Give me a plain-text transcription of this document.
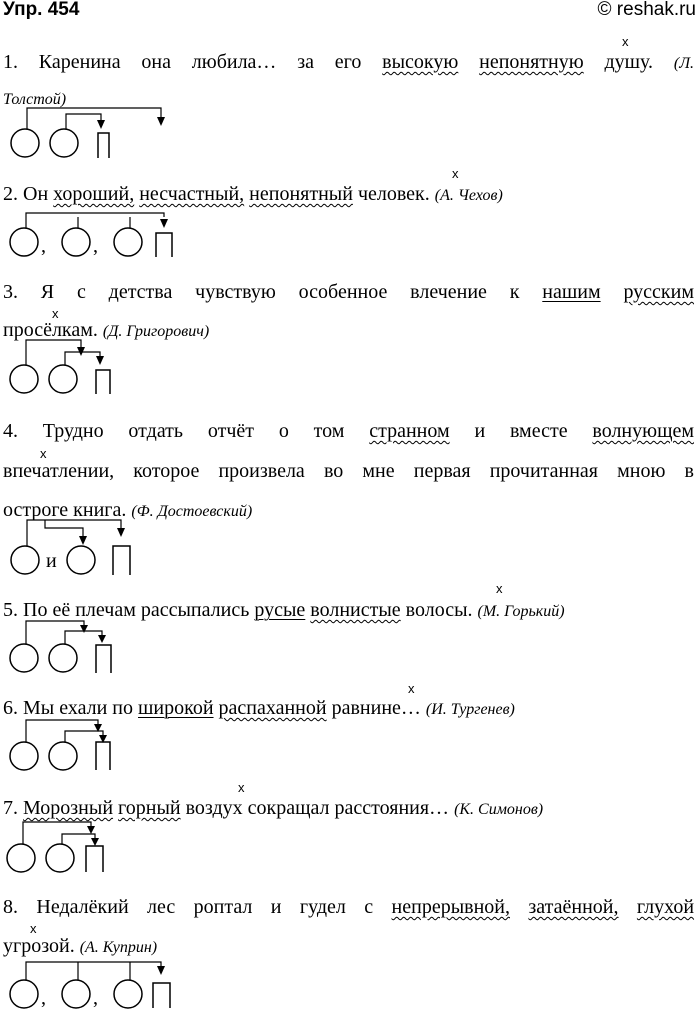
Упр. 454	© reshak.ru
x
1. Каренина она любила… за его высокую непонятную душу. (Л.
Толстой)
x
2. Он хороший, несчастный, непонятный человек. (А. Чехов)
, ,
3. Я с детства чувствую особенное влечение к нашим русским
x
просёлкам. (Д. Григорович)
4. Трудно отдать отчёт о том странном и вместе волнующем
x
впечатлении, которое произвела во мне первая прочитанная мною в
остроге книга. (Ф. Достоевский)
и
x
5. По её плечам рассыпались русые волнистые волосы. (М. Горький)
x
6. Мы ехали по широкой распаханной равнине… (И. Тургенев)
x
7. Морозный горный воздух сокращал расстояния… (К. Симонов)
8. Недалёкий лес роптал и гудел с непрерывной, затаённой, глухой
x
угрозой. (А. Куприн)
, ,
